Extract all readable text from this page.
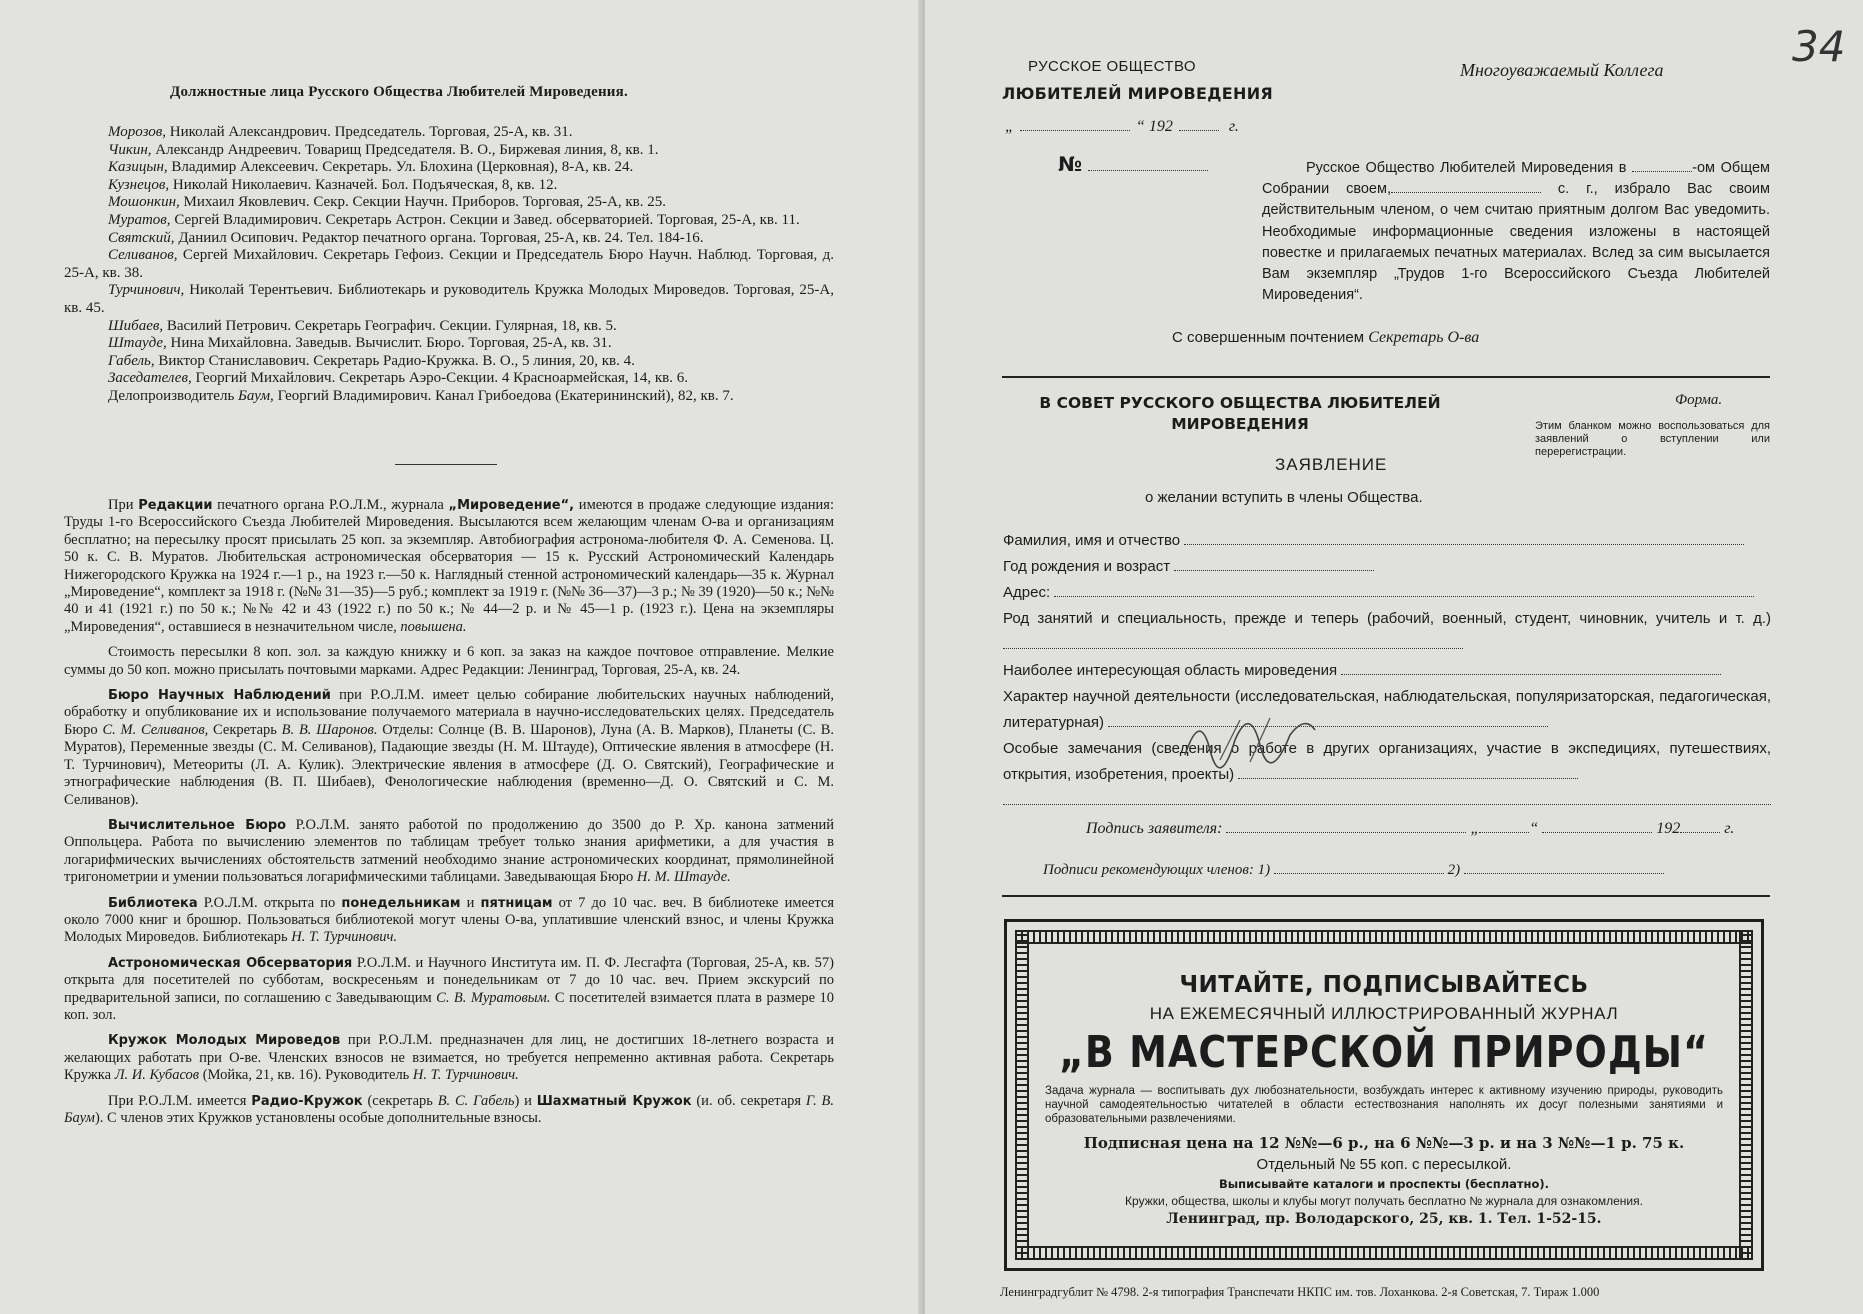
Должностные лица Русского Общества Любителей Мироведения.

Морозов, Николай Александрович. Председатель. Торговая, 25-А, кв. 31.

Чикин, Александр Андреевич. Товарищ Председателя. В. О., Биржевая линия, 8, кв. 1.

Казицын, Владимир Алексеевич. Секретарь. Ул. Блохина (Церковная), 8-А, кв. 24.

Кузнецов, Николай Николаевич. Казначей. Бол. Подъяческая, 8, кв. 12.

Мошонкин, Михаил Яковлевич. Секр. Секции Научн. Приборов. Торговая, 25-А, кв. 25.

Муратов, Сергей Владимирович. Секретарь Астрон. Секции и Завед. обсерваторией. Торговая, 25-А, кв. 11.

Святский, Даниил Осипович. Редактор печатного органа. Торговая, 25-А, кв. 24. Тел. 184-16.

Селиванов, Сергей Михайлович. Секретарь Гефоиз. Секции и Председатель Бюро Научн. Наблюд. Торговая, д. 25-А, кв. 38.

Турчинович, Николай Терентьевич. Библиотекарь и руководитель Кружка Молодых Мироведов. Торговая, 25-А, кв. 45.

Шибаев, Василий Петрович. Секретарь Географич. Секции. Гулярная, 18, кв. 5.

Штауде, Нина Михайловна. Заведыв. Вычислит. Бюро. Торговая, 25-А, кв. 31.

Габель, Виктор Станиславович. Секретарь Радио-Кружка. В. О., 5 линия, 20, кв. 4.

Заседателев, Георгий Михайлович. Секретарь Аэро-Секции. 4 Красноармейская, 14, кв. 6.

Делопроизводитель Баум, Георгий Владимирович. Канал Грибоедова (Екатерининский), 82, кв. 7.

При Редакции печатного органа Р.О.Л.М., журнала „Мироведение“, имеются в продаже следующие издания: Труды 1-го Всероссийского Съезда Любителей Мироведения. Высылаются всем желающим членам О-ва и организациям бесплатно; на пересылку просят присылать 25 коп. за экземпляр. Автобиография астронома-любителя Ф. А. Семенова. Ц. 50 к. С. В. Муратов. Любительская астрономическая обсерватория — 15 к. Русский Астрономический Календарь Нижегородского Кружка на 1924 г.—1 р., на 1923 г.—50 к. Наглядный стенной астрономический календарь—35 к. Журнал „Мироведение“, комплект за 1918 г. (№№ 31—35)—5 руб.; комплект за 1919 г. (№№ 36—37)—3 р.; № 39 (1920)—50 к.; №№ 40 и 41 (1921 г.) по 50 к.; №№ 42 и 43 (1922 г.) по 50 к.; № 44—2 р. и № 45—1 р. (1923 г.). Цена на экземпляры „Мироведения“, оставшиеся в незначительном числе, повышена.

Стоимость пересылки 8 коп. зол. за каждую книжку и 6 коп. за заказ на каждое почтовое отправление. Мелкие суммы до 50 коп. можно присылать почтовыми марками. Адрес Редакции: Ленинград, Торговая, 25-А, кв. 24.

Бюро Научных Наблюдений при Р.О.Л.М. имеет целью собирание любительских научных наблюдений, обработку и опубликование их и использование получаемого материала в научно-исследовательских целях. Председатель Бюро С. М. Селиванов, Секретарь В. В. Шаронов. Отделы: Солнце (В. В. Шаронов), Луна (А. В. Марков), Планеты (С. В. Муратов), Переменные звезды (С. М. Селиванов), Падающие звезды (Н. М. Штауде), Оптические явления в атмосфере (Н. Т. Турчинович), Метеориты (Л. А. Кулик). Электрические явления в атмосфере (Д. О. Святский), Географические и этнографические наблюдения (В. П. Шибаев), Фенологические наблюдения (временно—Д. О. Святский и С. М. Селиванов).

Вычислительное Бюро Р.О.Л.М. занято работой по продолжению до 3500 до Р. Хр. канона затмений Оппольцера. Работа по вычислению элементов по таблицам требует только знания арифметики, а для участия в логарифмических вычислениях обстоятельств затмений необходимо знание астрономических координат, прямолинейной тригонометрии и умении пользоваться логарифмическими таблицами. Заведывающая Бюро Н. М. Штауде.

Библиотека Р.О.Л.М. открыта по понедельникам и пятницам от 7 до 10 час. веч. В библиотеке имеется около 7000 книг и брошюр. Пользоваться библиотекой могут члены О-ва, уплатившие членский взнос, и члены Кружка Молодых Мироведов. Библиотекарь Н. Т. Турчинович.

Астрономическая Обсерватория Р.О.Л.М. и Научного Института им. П. Ф. Лесгафта (Торговая, 25-А, кв. 57) открыта для посетителей по субботам, воскресеньям и понедельникам от 7 до 10 час. веч. Прием экскурсий по предварительной записи, по соглашению с Заведывающим С. В. Муратовым. С посетителей взимается плата в размере 10 коп. зол.

Кружок Молодых Мироведов при Р.О.Л.М. предназначен для лиц, не достигших 18-летнего возраста и желающих работать при О-ве. Членских взносов не взимается, но требуется непременно активная работа. Секретарь Кружка Л. И. Кубасов (Мойка, 21, кв. 16). Руководитель Н. Т. Турчинович.

При Р.О.Л.М. имеется Радио-Кружок (секретарь В. С. Габель) и Шахматный Кружок (и. об. секретаря Г. В. Баум). С членов этих Кружков установлены особые дополнительные взносы.

34
РУССКОЕ ОБЩЕСТВО
ЛЮБИТЕЛЕЙ МИРОВЕДЕНИЯ
Многоуважаемый Коллега
„	“ 192	г.
№	Русское Общество Любителей Мироведения в	-ом Общем Собрании своем,	с. г., избрало Вас своим действительным членом, о чем считаю приятным долгом Вас уведомить. Необходимые информационные сведения изложены в настоящей повестке и прилагаемых печатных материалах. Вслед за сим высылается Вам экземпляр „Трудов 1-го Всероссийского Съезда Любителей Мироведения“.
С совершенным почтением Секретарь О-ва
В СОВЕТ РУССКОГО ОБЩЕСТВА ЛЮБИТЕЛЕЙ
МИРОВЕДЕНИЯ
Форма.
Этим бланком можно воспользоваться для заявлений о вступлении или перерегистрации.
ЗАЯВЛЕНИЕ
о желании вступить в члены Общества.
Фамилия, имя и отчество
Год рождения и возраст
Адрес:
Род занятий и специальность, прежде и теперь (рабочий, военный, студент, чиновник, учитель и т. д.)
Наиболее интересующая область мироведения
Характер научной деятельности (исследовательская, наблюдательская, популяризаторская, педагогическая, литературная)
Особые замечания (сведения о работе в других организациях, участие в экспедициях, путешествиях, открытия, изобретения, проекты)
Подпись заявителя:	„	“	192	г.
Подписи рекомендующих членов: 1)	2)
ЧИТАЙТЕ, ПОДПИСЫВАЙТЕСЬ
НА ЕЖЕМЕСЯЧНЫЙ ИЛЛЮСТРИРОВАННЫЙ ЖУРНАЛ
„В МАСТЕРСКОЙ ПРИРОДЫ“
Задача журнала — воспитывать дух любознательности, возбуждать интерес к активному изучению природы, руководить научной самодеятельностью читателей в области естествознания наполнять их досуг полезными занятиями и образовательными развлечениями.
Подписная цена на 12 №№—6 р., на 6 №№—3 р. и на 3 №№—1 р. 75 к.
Отдельный № 55 коп. с пересылкой.
Выписывайте каталоги и проспекты (бесплатно).
Кружки, общества, школы и клубы могут получать бесплатно № журнала для ознакомления.
Ленинград, пр. Володарского, 25, кв. 1. Тел. 1-52-15.
Ленинградгублит № 4798. 2-я типография Транспечати НКПС им. тов. Лоханкова. 2-я Советская, 7. Тираж 1.000
